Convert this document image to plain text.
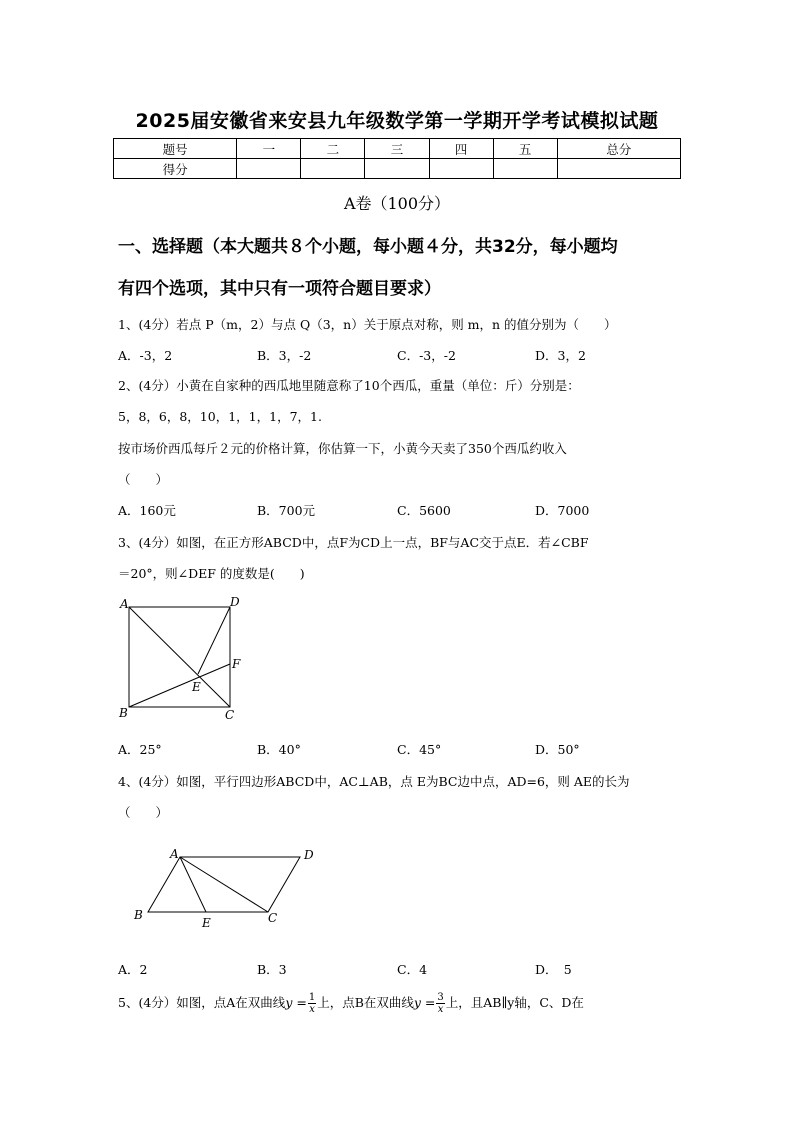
2025届安徽省来安县九年级数学第一学期开学考试模拟试题
题号	一	二	三	四	五	总分
得分						
A卷（100分）
一、选择题（本大题共８个小题，每小题４分，共32分，每小题均
有四个选项，其中只有一项符合题目要求）
1、(4分）若点 P（m，2）与点 Q（3，n）关于原点对称，则 m，n 的值分别为（　　）
A．-3，2	B．3，-2	C．-3，-2	D．3，2
2、(4分）小黄在自家种的西瓜地里随意称了10个西瓜，重量（单位：斤）分别是：
5，8，6，8，10，1，1，1，7，1.
按市场价西瓜每斤２元的价格计算，你估算一下，小黄今天卖了350个西瓜约收入
（　　）
A．160元	B．700元	C．5600	D．7000
3、(4分）如图，在正方形ABCD中，点F为CD上一点，BF与AC交于点E．若∠CBF
＝20°，则∠DEF 的度数是(　　)
A	D
F
E
B	C
A．25°	B．40°	C．45°	D．50°
4、(4分）如图，平行四边形ABCD中，AC⊥AB，点 E为BC边中点，AD=6，则 AE的长为
（　　）
A	D
B
E	C
A．2	B．3	C．4	D．　5
5、(4分）如图，点A在双曲线$y = \frac{1}{x}$ 上，点B在双曲线$y = \frac{3}{x}$ 上，且AB∥y轴，C、D在
